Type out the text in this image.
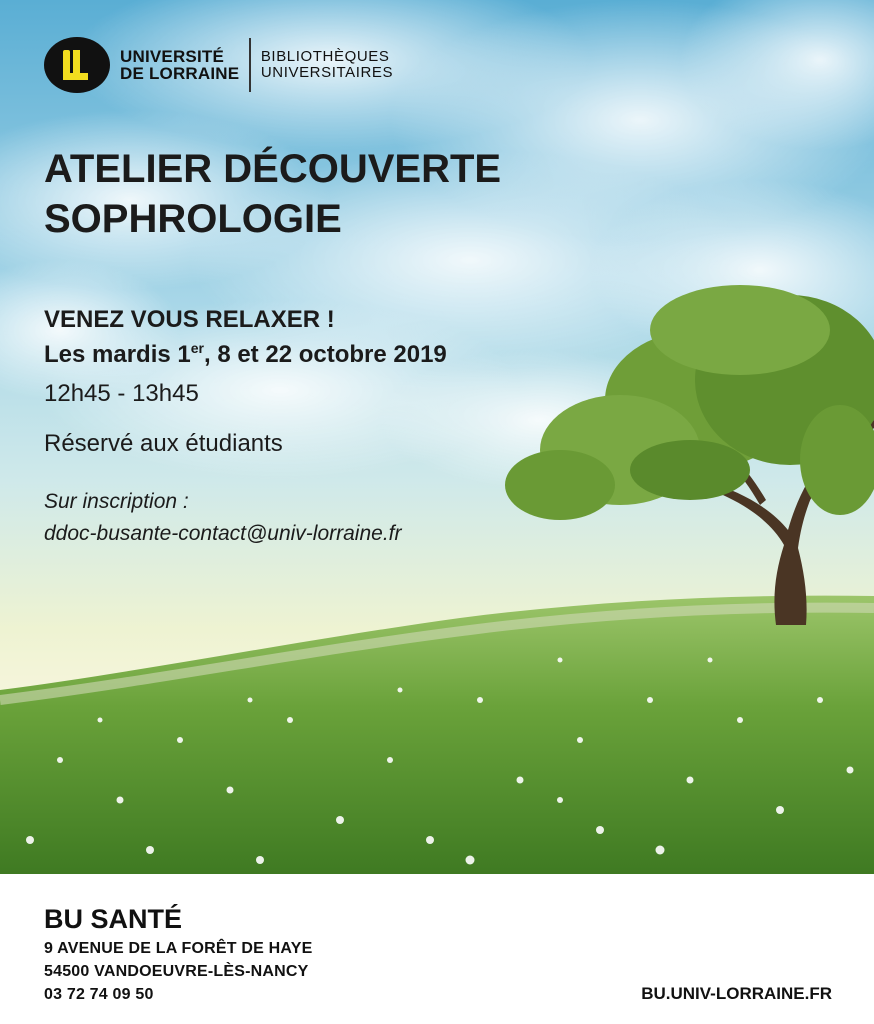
UNIVERSITÉ
DE LORRAINE
BIBLIOTHÈQUES
UNIVERSITAIRES
ATELIER DÉCOUVERTE
SOPHROLOGIE
VENEZ VOUS RELAXER !
Les mardis 1er, 8 et 22 octobre 2019
12h45 - 13h45
Réservé aux étudiants
Sur inscription :
ddoc-busante-contact@univ-lorraine.fr
BU SANTÉ
9 AVENUE DE LA FORÊT DE HAYE
54500 VANDOEUVRE-LÈS-NANCY
03 72 74 09 50	BU.UNIV-LORRAINE.FR
